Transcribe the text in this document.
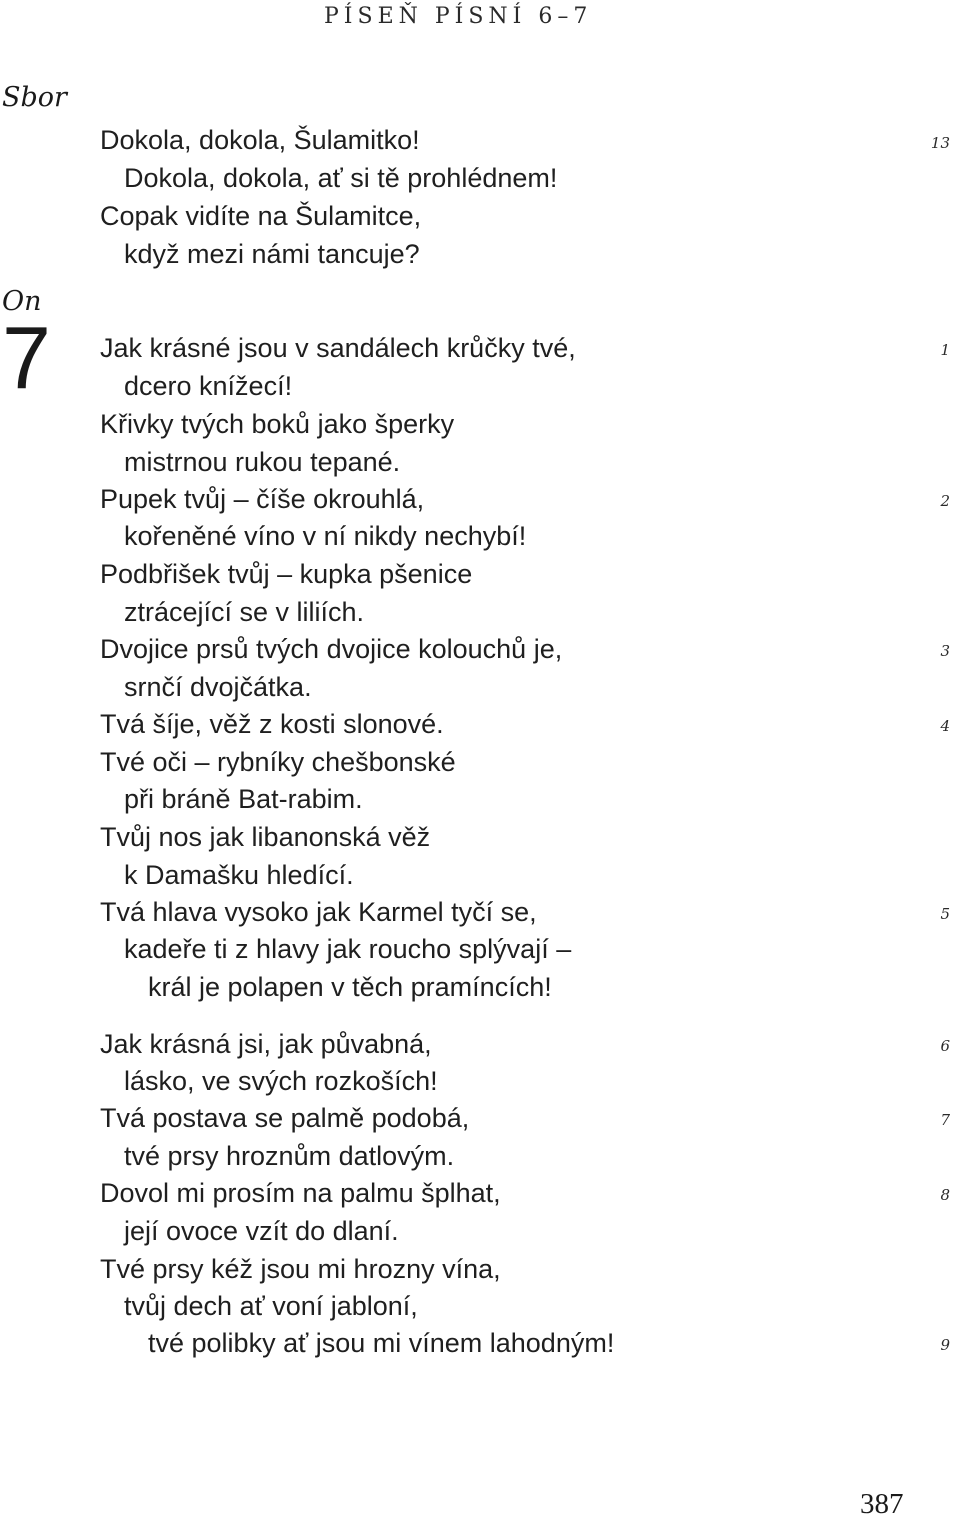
PÍSEŇ PÍSNÍ 6–7
Sbor
On
7
Dokola, dokola, Šulamitko!
Dokola, dokola, ať si tě prohlédnem!
Copak vidíte na Šulamitce,
když mezi námi tancuje?
Jak krásné jsou v sandálech krůčky tvé,
dcero knížecí!
Křivky tvých boků jako šperky
mistrnou rukou tepané.
Pupek tvůj – číše okrouhlá,
kořeněné víno v ní nikdy nechybí!
Podbřišek tvůj – kupka pšenice
ztrácející se v liliích.
Dvojice prsů tvých dvojice kolouchů je,
srnčí dvojčátka.
Tvá šíje, věž z kosti slonové.
Tvé oči – rybníky chešbonské
při bráně Bat-rabim.
Tvůj nos jak libanonská věž
k Damašku hledící.
Tvá hlava vysoko jak Karmel tyčí se,
kadeře ti z hlavy jak roucho splývají –
král je polapen v těch pramíncích!
Jak krásná jsi, jak půvabná,
lásko, ve svých rozkoších!
Tvá postava se palmě podobá,
tvé prsy hroznům datlovým.
Dovol mi prosím na palmu šplhat,
její ovoce vzít do dlaní.
Tvé prsy kéž jsou mi hrozny vína,
tvůj dech ať voní jabloní,
tvé polibky ať jsou mi vínem lahodným!
13
1
2
3
4
5
6
7
8
9
387
